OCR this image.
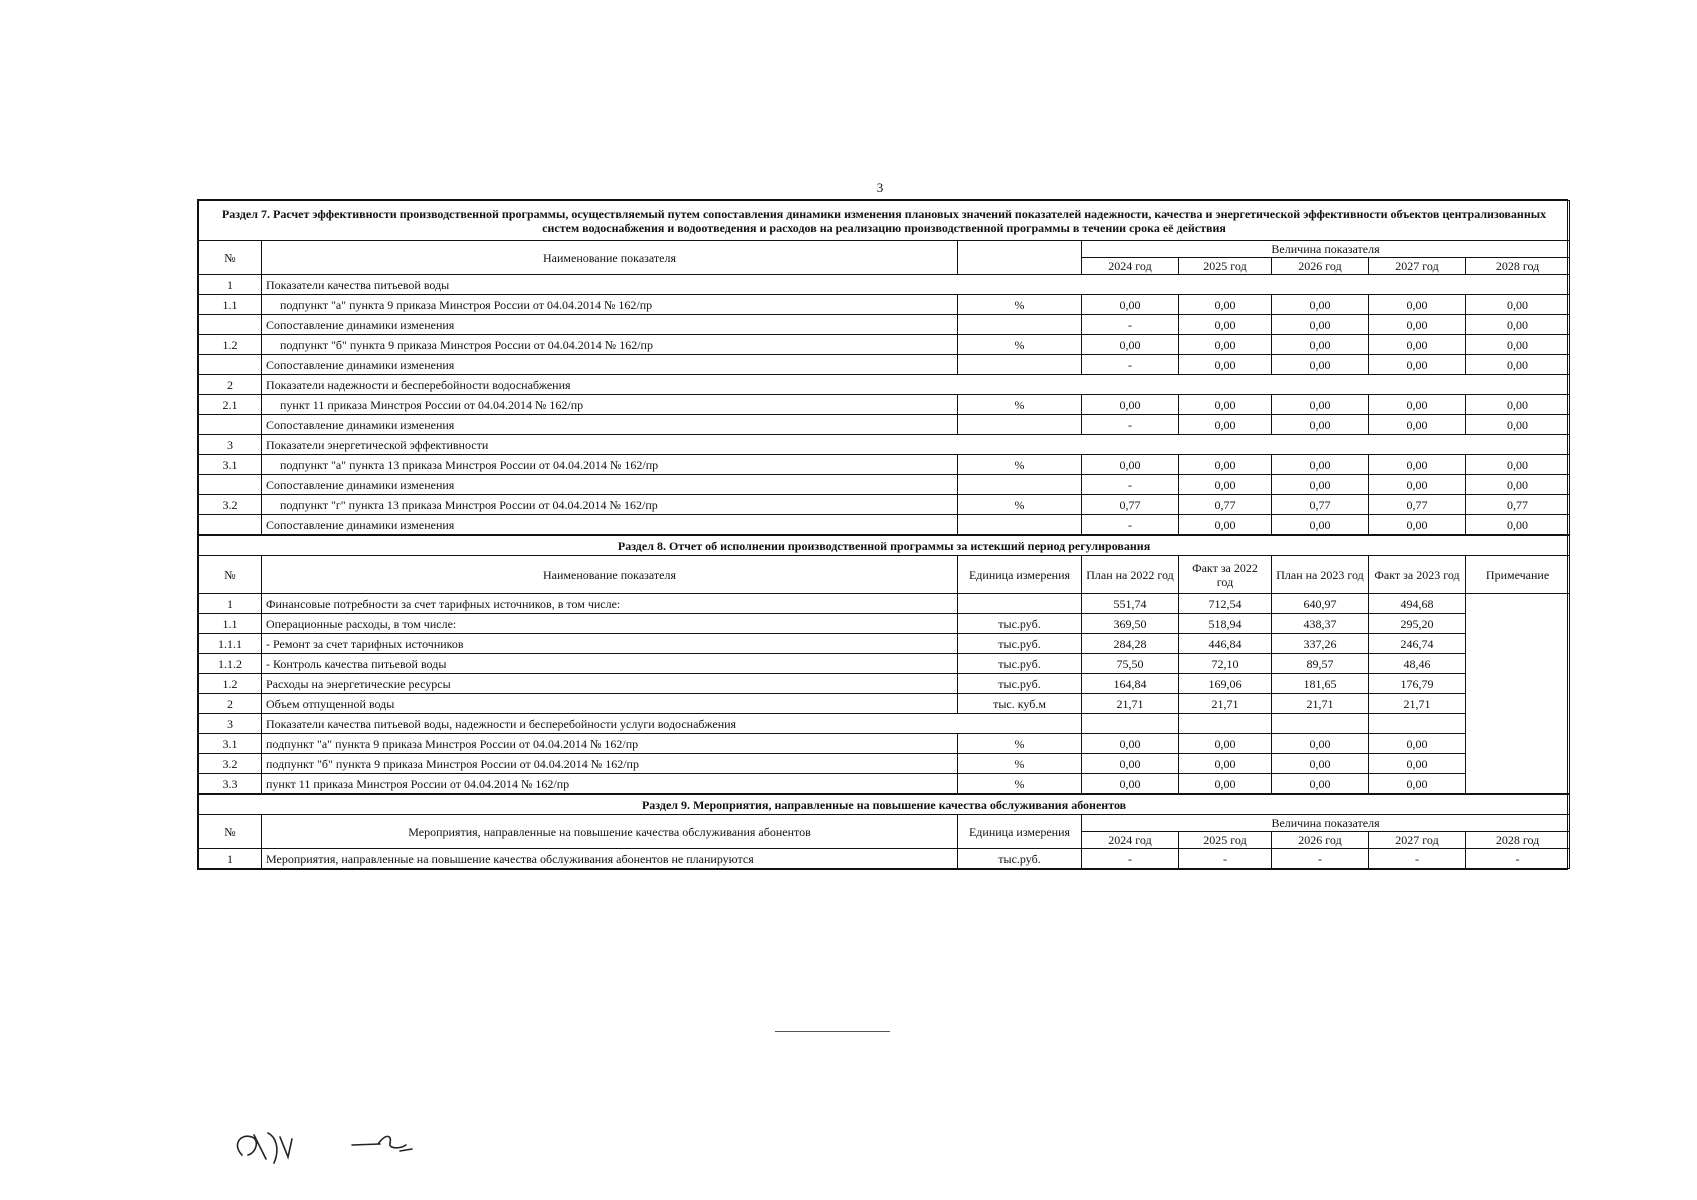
3
Раздел 7. Расчет эффективности производственной программы, осуществляемый путем сопоставления динамики изменения плановых значений показателей надежности, качества и энергетической эффективности объектов централизованных систем водоснабжения и водоотведения и расходов на реализацию производственной программы в течении срока её действия							
№	Наименование показателя		Величина показателя				
			2024 год	2025 год	2026 год	2027 год	2028 год
1	Показатели качества питьевой воды						
1.1	подпункт "а" пункта 9 приказа Минстроя России от 04.04.2014 № 162/пр	%	0,00	0,00	0,00	0,00	0,00
	Сопоставление динамики изменения		-	0,00	0,00	0,00	0,00
1.2	подпункт "б" пункта 9 приказа Минстроя России от 04.04.2014 № 162/пр	%	0,00	0,00	0,00	0,00	0,00
	Сопоставление динамики изменения		-	0,00	0,00	0,00	0,00
2	Показатели надежности и бесперебойности водоснабжения						
2.1	пункт 11 приказа Минстроя России от 04.04.2014 № 162/пр	%	0,00	0,00	0,00	0,00	0,00
	Сопоставление динамики изменения		-	0,00	0,00	0,00	0,00
3	Показатели энергетической эффективности						
3.1	подпункт "а" пункта 13 приказа Минстроя России от 04.04.2014 № 162/пр	%	0,00	0,00	0,00	0,00	0,00
	Сопоставление динамики изменения		-	0,00	0,00	0,00	0,00
3.2	подпункт "г" пункта 13 приказа Минстроя России от 04.04.2014 № 162/пр	%	0,77	0,77	0,77	0,77	0,77
	Сопоставление динамики изменения		-	0,00	0,00	0,00	0,00
Раздел 8. Отчет об исполнении производственной программы за истекший период регулирования							
№	Наименование показателя	Единица измерения	План на 2022 год	Факт за 2022 год	План на 2023 год	Факт за 2023 год	Примечание
1	Финансовые потребности за счет тарифных источников, в том числе:		551,74	712,54	640,97	494,68	
1.1	Операционные расходы, в том числе:	тыс.руб.	369,50	518,94	438,37	295,20	
1.1.1	- Ремонт за счет тарифных источников	тыс.руб.	284,28	446,84	337,26	246,74	
1.1.2	- Контроль качества питьевой воды	тыс.руб.	75,50	72,10	89,57	48,46	
1.2	Расходы на энергетические ресурсы	тыс.руб.	164,84	169,06	181,65	176,79	
2	Объем отпущенной воды	тыс. куб.м	21,71	21,71	21,71	21,71	
3	Показатели качества питьевой воды, надежности и бесперебойности услуги водоснабжения						
3.1	подпункт "а" пункта 9 приказа Минстроя России от 04.04.2014 № 162/пр	%	0,00	0,00	0,00	0,00	
3.2	подпункт "б" пункта 9 приказа Минстроя России от 04.04.2014 № 162/пр	%	0,00	0,00	0,00	0,00	
3.3	пункт 11 приказа Минстроя России от 04.04.2014 № 162/пр	%	0,00	0,00	0,00	0,00	
Раздел 9. Мероприятия, направленные на повышение качества обслуживания абонентов							
№	Мероприятия, направленные на повышение качества обслуживания абонентов	Единица измерения	Величина показателя				
			2024 год	2025 год	2026 год	2027 год	2028 год
1	Мероприятия, направленные на повышение качества обслуживания абонентов не планируются	тыс.руб.	-	-	-	-	-
